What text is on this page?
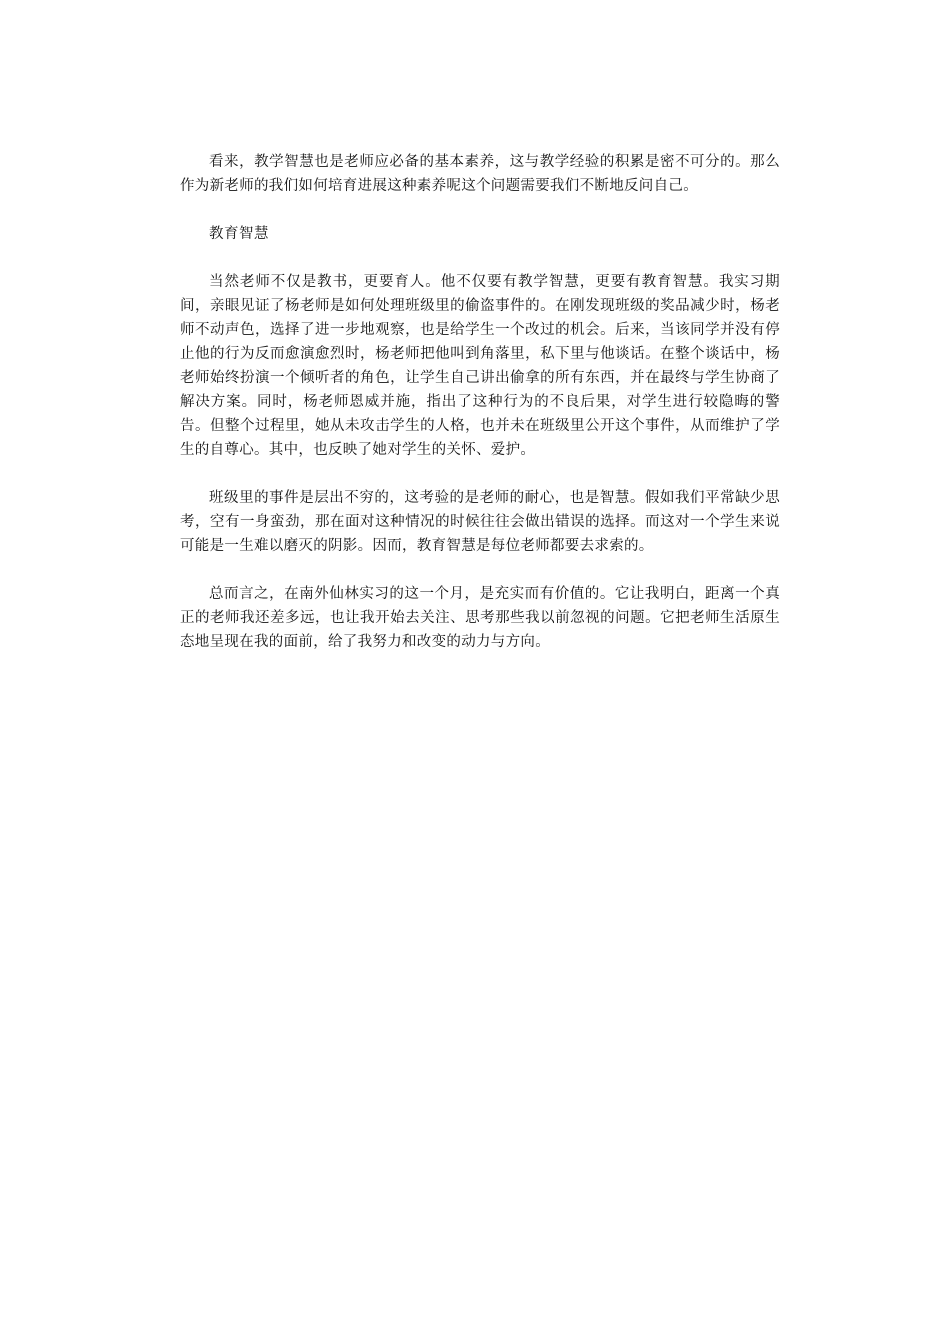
看来，教学智慧也是老师应必备的基本素养，这与教学经验的积累是密不可分的。那么作为新老师的我们如何培育进展这种素养呢这个问题需要我们不断地反问自己。

教育智慧

当然老师不仅是教书，更要育人。他不仅要有教学智慧，更要有教育智慧。我实习期间，亲眼见证了杨老师是如何处理班级里的偷盗事件的。在刚发现班级的奖品减少时，杨老师不动声色，选择了进一步地观察，也是给学生一个改过的机会。后来，当该同学并没有停止他的行为反而愈演愈烈时，杨老师把他叫到角落里，私下里与他谈话。在整个谈话中，杨老师始终扮演一个倾听者的角色，让学生自己讲出偷拿的所有东西，并在最终与学生协商了解决方案。同时，杨老师恩威并施，指出了这种行为的不良后果，对学生进行较隐晦的警告。但整个过程里，她从未攻击学生的人格，也并未在班级里公开这个事件，从而维护了学生的自尊心。其中，也反映了她对学生的关怀、爱护。

班级里的事件是层出不穷的，这考验的是老师的耐心，也是智慧。假如我们平常缺少思考，空有一身蛮劲，那在面对这种情况的时候往往会做出错误的选择。而这对一个学生来说可能是一生难以磨灭的阴影。因而，教育智慧是每位老师都要去求索的。

总而言之，在南外仙林实习的这一个月，是充实而有价值的。它让我明白，距离一个真正的老师我还差多远，也让我开始去关注、思考那些我以前忽视的问题。它把老师生活原生态地呈现在我的面前，给了我努力和改变的动力与方向。
